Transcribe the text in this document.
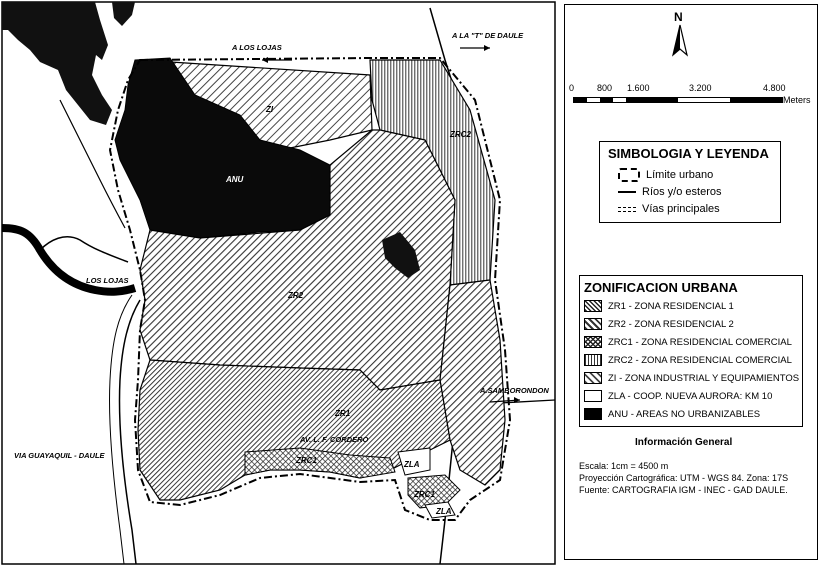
A LOS LOJAS
A LA "T" DE DAULE
LOS LOJAS
VIA GUAYAQUIL - DAULE
A.SAMBORONDON
AV. L. F. CORDERO
ZI
ANU
ZRC2
ZR2
ZR1
ZRC1	ZLA
ZRC1
ZLA
N
0	800 1.600	3.200	4.800
Meters
SIMBOLOGIA Y LEYENDA
Límite urbano
Ríos y/o esteros
Vías principales
ZONIFICACION URBANA
ZR1 - ZONA RESIDENCIAL 1
ZR2 - ZONA RESIDENCIAL 2
ZRC1 - ZONA RESIDENCIAL COMERCIAL
ZRC2 - ZONA RESIDENCIAL COMERCIAL
ZI - ZONA INDUSTRIAL Y EQUIPAMIENTOS
ZLA - COOP. NUEVA AURORA: KM 10
ANU - AREAS NO URBANIZABLES
Información General
Escala: 1cm = 4500 m
Proyección Cartográfica: UTM - WGS 84. Zona: 17S
Fuente: CARTOGRAFIA IGM - INEC - GAD DAULE.
